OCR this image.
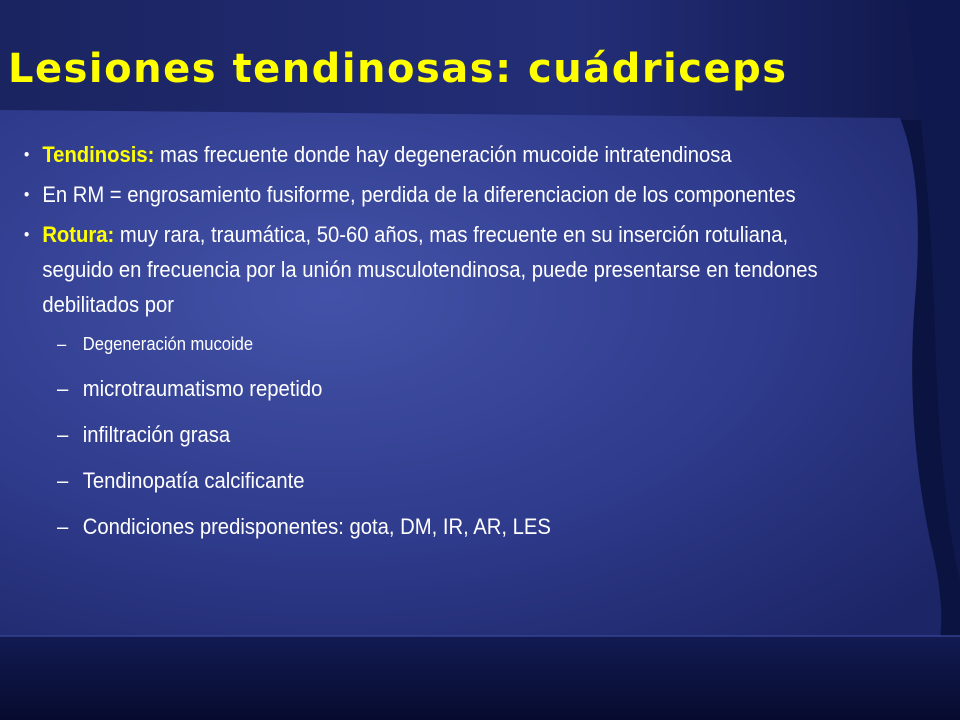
Lesiones tendinosas: cuádriceps
• Tendinosis: mas frecuente donde hay degeneración mucoide intratendinosa
• En RM = engrosamiento fusiforme, perdida de la diferenciacion de los componentes
• Rotura: muy rara, traumática, 50-60 años, mas frecuente en su inserción rotuliana, seguido en frecuencia por la unión musculotendinosa, puede presentarse en tendones debilitados por
– Degeneración mucoide
– microtraumatismo repetido
– infiltración grasa
– Tendinopatía calcificante
– Condiciones predisponentes: gota, DM, IR, AR, LES
